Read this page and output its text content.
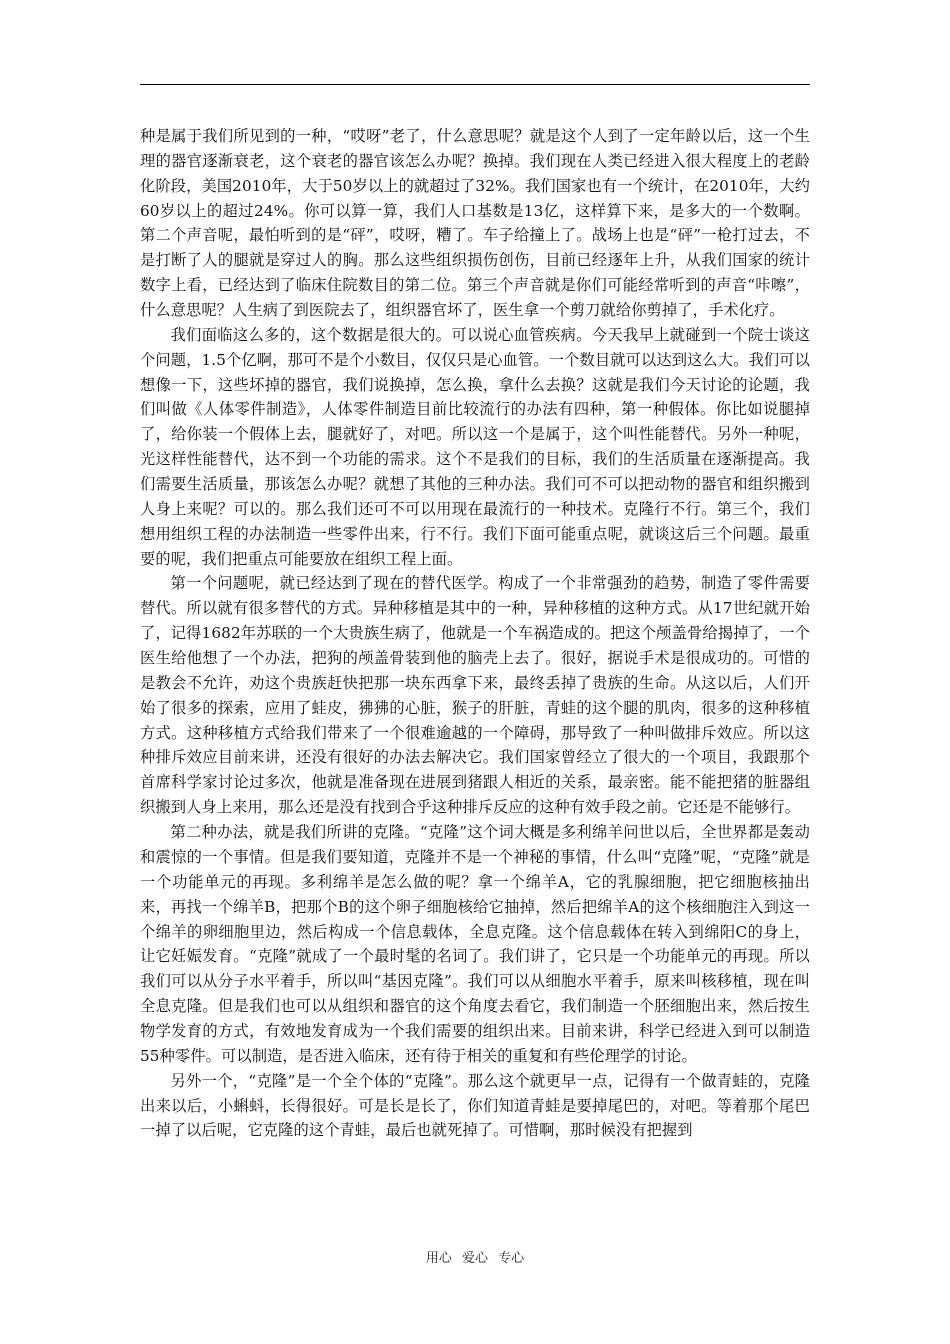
种是属于我们所见到的一种，“哎呀”老了，什么意思呢？就是这个人到了一定年龄以后，这一个生理的器官逐渐衰老，这个衰老的器官该怎么办呢？换掉。我们现在人类已经进入很大程度上的老龄化阶段，美国2010年，大于50岁以上的就超过了32%。我们国家也有一个统计，在2010年，大约60岁以上的超过24%。你可以算一算，我们人口基数是13亿，这样算下来，是多大的一个数啊。第二个声音呢，最怕听到的是“砰”，哎呀，糟了。车子给撞上了。战场上也是“砰”一枪打过去，不是打断了人的腿就是穿过人的胸。那么这些组织损伤创伤，目前已经逐年上升，从我们国家的统计数字上看，已经达到了临床住院数目的第二位。第三个声音就是你们可能经常听到的声音“咔嚓”，什么意思呢？人生病了到医院去了，组织器官坏了，医生拿一个剪刀就给你剪掉了，手术化疗。

我们面临这么多的，这个数据是很大的。可以说心血管疾病。今天我早上就碰到一个院士谈这个问题，1.5个亿啊，那可不是个小数目，仅仅只是心血管。一个数目就可以达到这么大。我们可以想像一下，这些坏掉的器官，我们说换掉，怎么换，拿什么去换？这就是我们今天讨论的论题，我们叫做《人体零件制造》，人体零件制造目前比较流行的办法有四种，第一种假体。你比如说腿掉了，给你装一个假体上去，腿就好了，对吧。所以这一个是属于，这个叫性能替代。另外一种呢，光这样性能替代，达不到一个功能的需求。这个不是我们的目标，我们的生活质量在逐渐提高。我们需要生活质量，那该怎么办呢？就想了其他的三种办法。我们可不可以把动物的器官和组织搬到人身上来呢？可以的。那么我们还可不可以用现在最流行的一种技术。克隆行不行。第三个，我们想用组织工程的办法制造一些零件出来，行不行。我们下面可能重点呢，就谈这后三个问题。最重要的呢，我们把重点可能要放在组织工程上面。

第一个问题呢，就已经达到了现在的替代医学。构成了一个非常强劲的趋势，制造了零件需要替代。所以就有很多替代的方式。异种移植是其中的一种，异种移植的这种方式。从17世纪就开始了，记得1682年苏联的一个大贵族生病了，他就是一个车祸造成的。把这个颅盖骨给揭掉了，一个医生给他想了一个办法，把狗的颅盖骨装到他的脑壳上去了。很好，据说手术是很成功的。可惜的是教会不允许，劝这个贵族赶快把那一块东西拿下来，最终丢掉了贵族的生命。从这以后，人们开始了很多的探索，应用了蛙皮，狒狒的心脏，猴子的肝脏，青蛙的这个腿的肌肉，很多的这种移植方式。这种移植方式给我们带来了一个很难逾越的一个障碍，那导致了一种叫做排斥效应。所以这种排斥效应目前来讲，还没有很好的办法去解决它。我们国家曾经立了很大的一个项目，我跟那个首席科学家讨论过多次，他就是准备现在进展到猪跟人相近的关系，最亲密。能不能把猪的脏器组织搬到人身上来用，那么还是没有找到合乎这种排斥反应的这种有效手段之前。它还是不能够行。

第二种办法，就是我们所讲的克隆。“克隆”这个词大概是多利绵羊问世以后，全世界都是轰动和震惊的一个事情。但是我们要知道，克隆并不是一个神秘的事情，什么叫“克隆”呢，“克隆”就是一个功能单元的再现。多利绵羊是怎么做的呢？拿一个绵羊A，它的乳腺细胞，把它细胞核抽出来，再找一个绵羊B，把那个B的这个卵子细胞核给它抽掉，然后把绵羊A的这个核细胞注入到这一个绵羊的卵细胞里边，然后构成一个信息载体，全息克隆。这个信息载体在转入到绵阳C的身上，让它妊娠发育。“克隆”就成了一个最时髦的名词了。我们讲了，它只是一个功能单元的再现。所以我们可以从分子水平着手，所以叫“基因克隆”。我们可以从细胞水平着手，原来叫核移植，现在叫全息克隆。但是我们也可以从组织和器官的这个角度去看它，我们制造一个胚细胞出来，然后按生物学发育的方式，有效地发育成为一个我们需要的组织出来。目前来讲，科学已经进入到可以制造55种零件。可以制造，是否进入临床，还有待于相关的重复和有些伦理学的讨论。

另外一个，“克隆”是一个全个体的“克隆”。那么这个就更早一点，记得有一个做青蛙的，克隆出来以后，小蝌蚪，长得很好。可是长是长了，你们知道青蛙是要掉尾巴的，对吧。等着那个尾巴一掉了以后呢，它克隆的这个青蛙，最后也就死掉了。可惜啊，那时候没有把握到

用心 爱心 专心
